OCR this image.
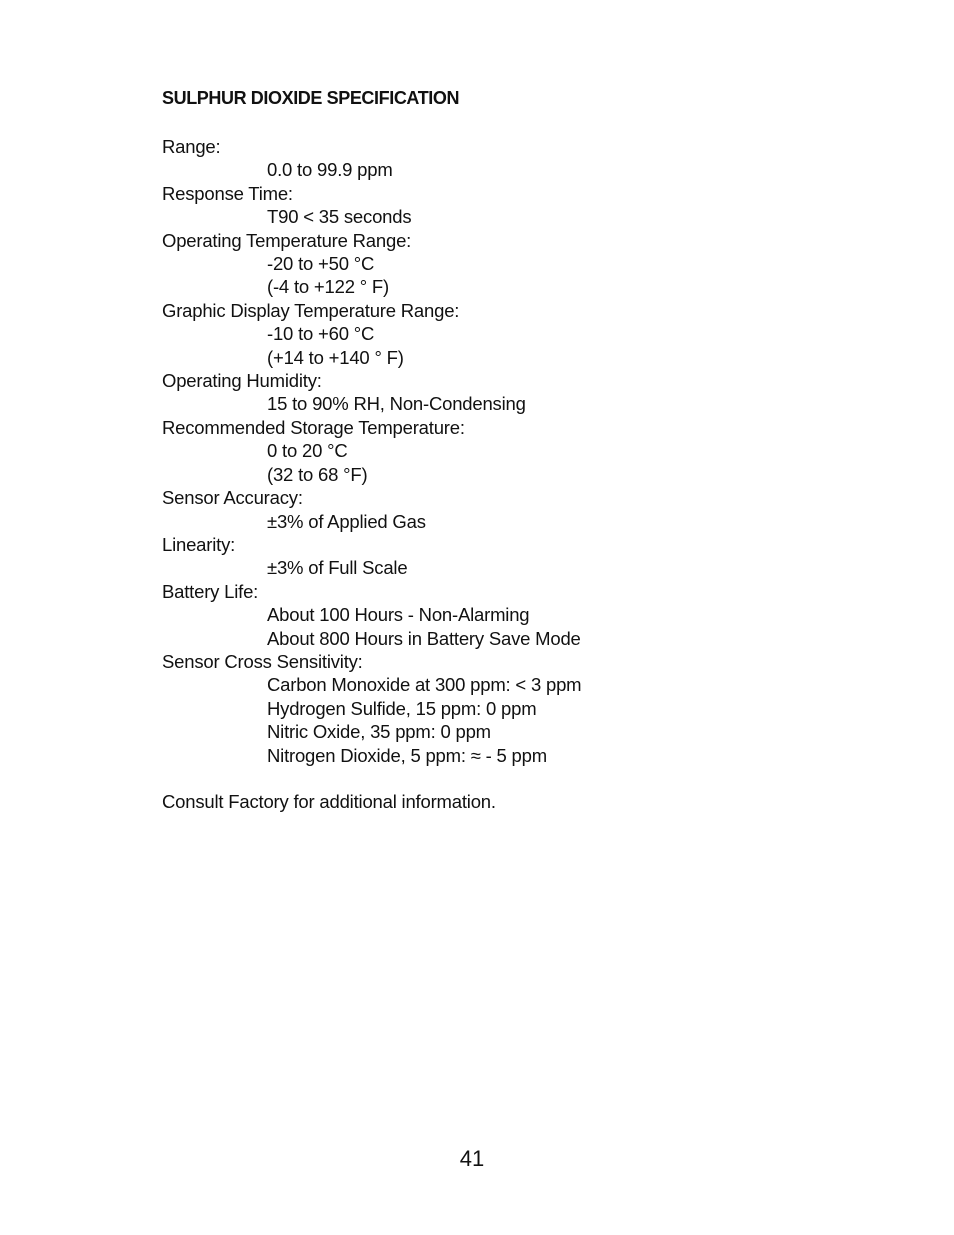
SULPHUR DIOXIDE SPECIFICATION
Range:
0.0 to 99.9 ppm
Response Time:
T90 < 35 seconds
Operating Temperature Range:
-20 to +50 °C
(-4 to +122 ° F)
Graphic Display Temperature Range:
-10 to +60 °C
(+14 to +140 ° F)
Operating Humidity:
15 to 90% RH, Non-Condensing
Recommended Storage Temperature:
0 to 20 °C
(32 to 68 °F)
Sensor Accuracy:
±3% of Applied Gas
Linearity:
±3% of Full Scale
Battery Life:
About 100 Hours - Non-Alarming
About 800 Hours in Battery Save Mode
Sensor Cross Sensitivity:
Carbon Monoxide at 300 ppm: < 3 ppm
Hydrogen Sulfide, 15 ppm: 0 ppm
Nitric Oxide, 35 ppm: 0 ppm
Nitrogen Dioxide, 5 ppm: ≈ - 5 ppm
Consult Factory for additional information.
41
